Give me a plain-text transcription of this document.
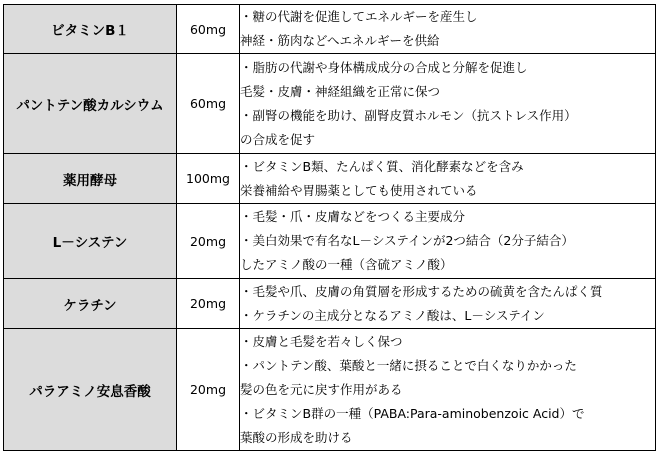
ビタミンB１	60mg	・糖の代謝を促進してエネルギーを産生し
神経・筋肉などへエネルギーを供給

パントテン酸カルシウム	60mg	・脂肪の代謝や身体構成成分の合成と分解を促進し
毛髪・皮膚・神経組織を正常に保つ
・副腎の機能を助け、副腎皮質ホルモン（抗ストレス作用）
の合成を促す

薬用酵母	100mg	・ビタミンB類、たんぱく質、消化酵素などを含み
栄養補給や胃腸薬としても使用されている

L－システン	20mg	・毛髪・爪・皮膚などをつくる主要成分
・美白効果で有名なL－システインが2つ結合（2分子結合）
したアミノ酸の一種（含硫アミノ酸）

ケラチン	20mg	・毛髪や爪、皮膚の角質層を形成するための硫黄を含たんぱく質
・ケラチンの主成分となるアミノ酸は、L－システイン

パラアミノ安息香酸	20mg	・皮膚と毛髪を若々しく保つ
・パントテン酸、葉酸と一緒に摂ることで白くなりかかった
髪の色を元に戻す作用がある
・ビタミンB群の一種（PABA:Para-aminobenzoic Acid）で
葉酸の形成を助ける
